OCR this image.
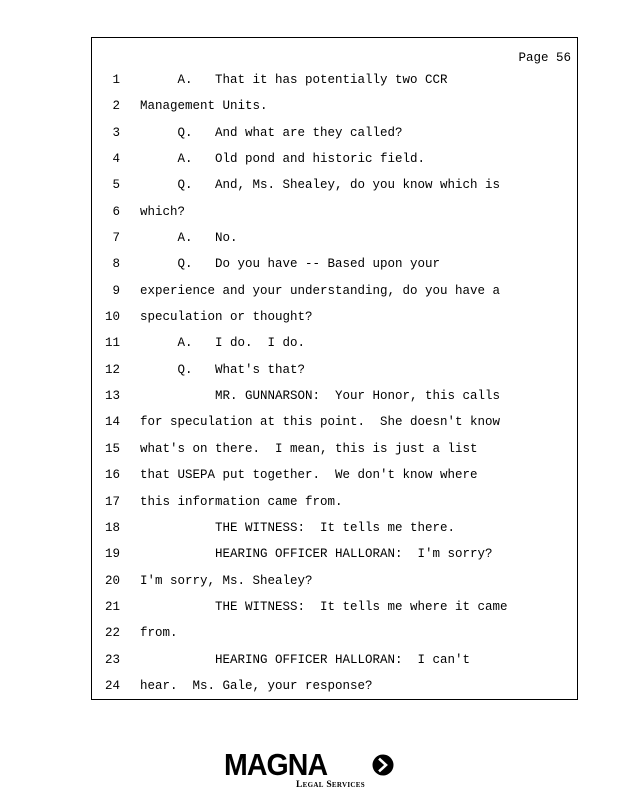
Page 56
1 A.   That it has potentially two CCR
2 Management Units.
3 Q.   And what are they called?
4 A.   Old pond and historic field.
5 Q.   And, Ms. Shealey, do you know which is
6 which?
7 A.   No.
8 Q.   Do you have -- Based upon your
9 experience and your understanding, do you have a
10 speculation or thought?
11 A.   I do.  I do.
12 Q.   What's that?
13 MR. GUNNARSON:  Your Honor, this calls
14 for speculation at this point.  She doesn't know
15 what's on there.  I mean, this is just a list
16 that USEPA put together.  We don't know where
17 this information came from.
18 THE WITNESS:  It tells me there.
19 HEARING OFFICER HALLORAN:  I'm sorry?
20 I'm sorry, Ms. Shealey?
21 THE WITNESS:  It tells me where it came
22 from.
23 HEARING OFFICER HALLORAN:  I can't
24 hear.  Ms. Gale, your response?
MAGNA
Legal Services
